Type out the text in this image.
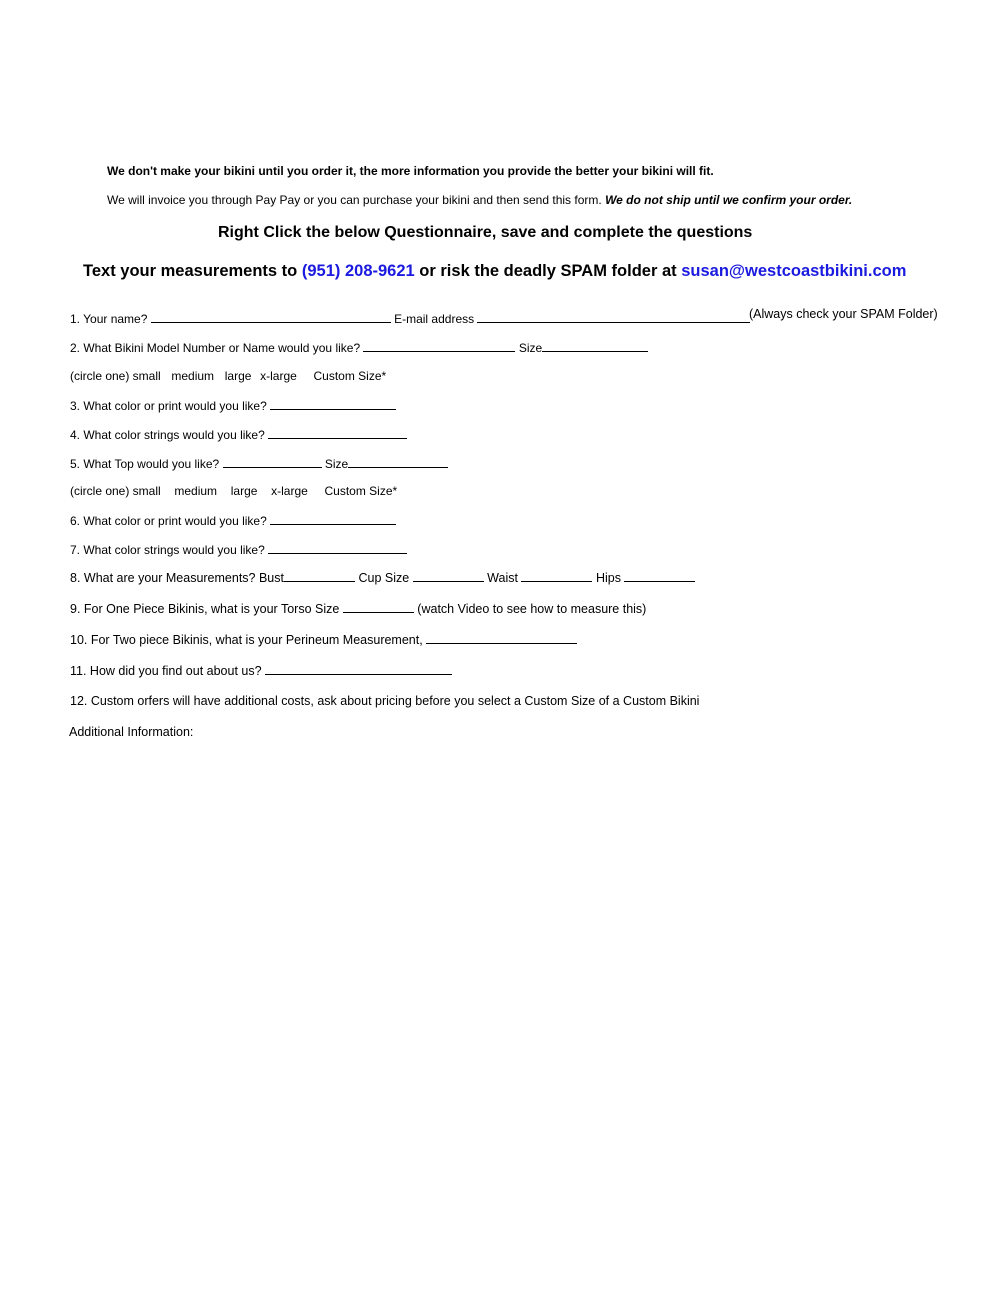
We don't make your bikini until you order it, the more information you provide the better your bikini will fit.
We will invoice you through Pay Pay or you can purchase your bikini and then send this form. We do not ship until we confirm your order.
Right Click the below Questionnaire, save and complete the questions
Text your measurements to (951) 208-9621 or risk the deadly SPAM folder at susan@westcoastbikini.com
1. Your name?	E-mail address	(Always check your SPAM Folder)
2. What Bikini Model Number or Name would you like?	Size
(circle one) small medium large x-large Custom Size*
3. What color or print would you like?
4. What color strings would you like?
5. What Top would you like?	Size
(circle one) small medium large x-large Custom Size*
6. What color or print would you like?
7. What color strings would you like?
8. What are your Measurements? Bust	Cup Size	Waist	Hips
9. For One Piece Bikinis, what is your Torso Size	(watch Video to see how to measure this)
10. For Two piece Bikinis, what is your Perineum Measurement,
11. How did you find out about us?
12. Custom orfers will have additional costs, ask about pricing before you select a Custom Size of a Custom Bikini
Additional Information:
